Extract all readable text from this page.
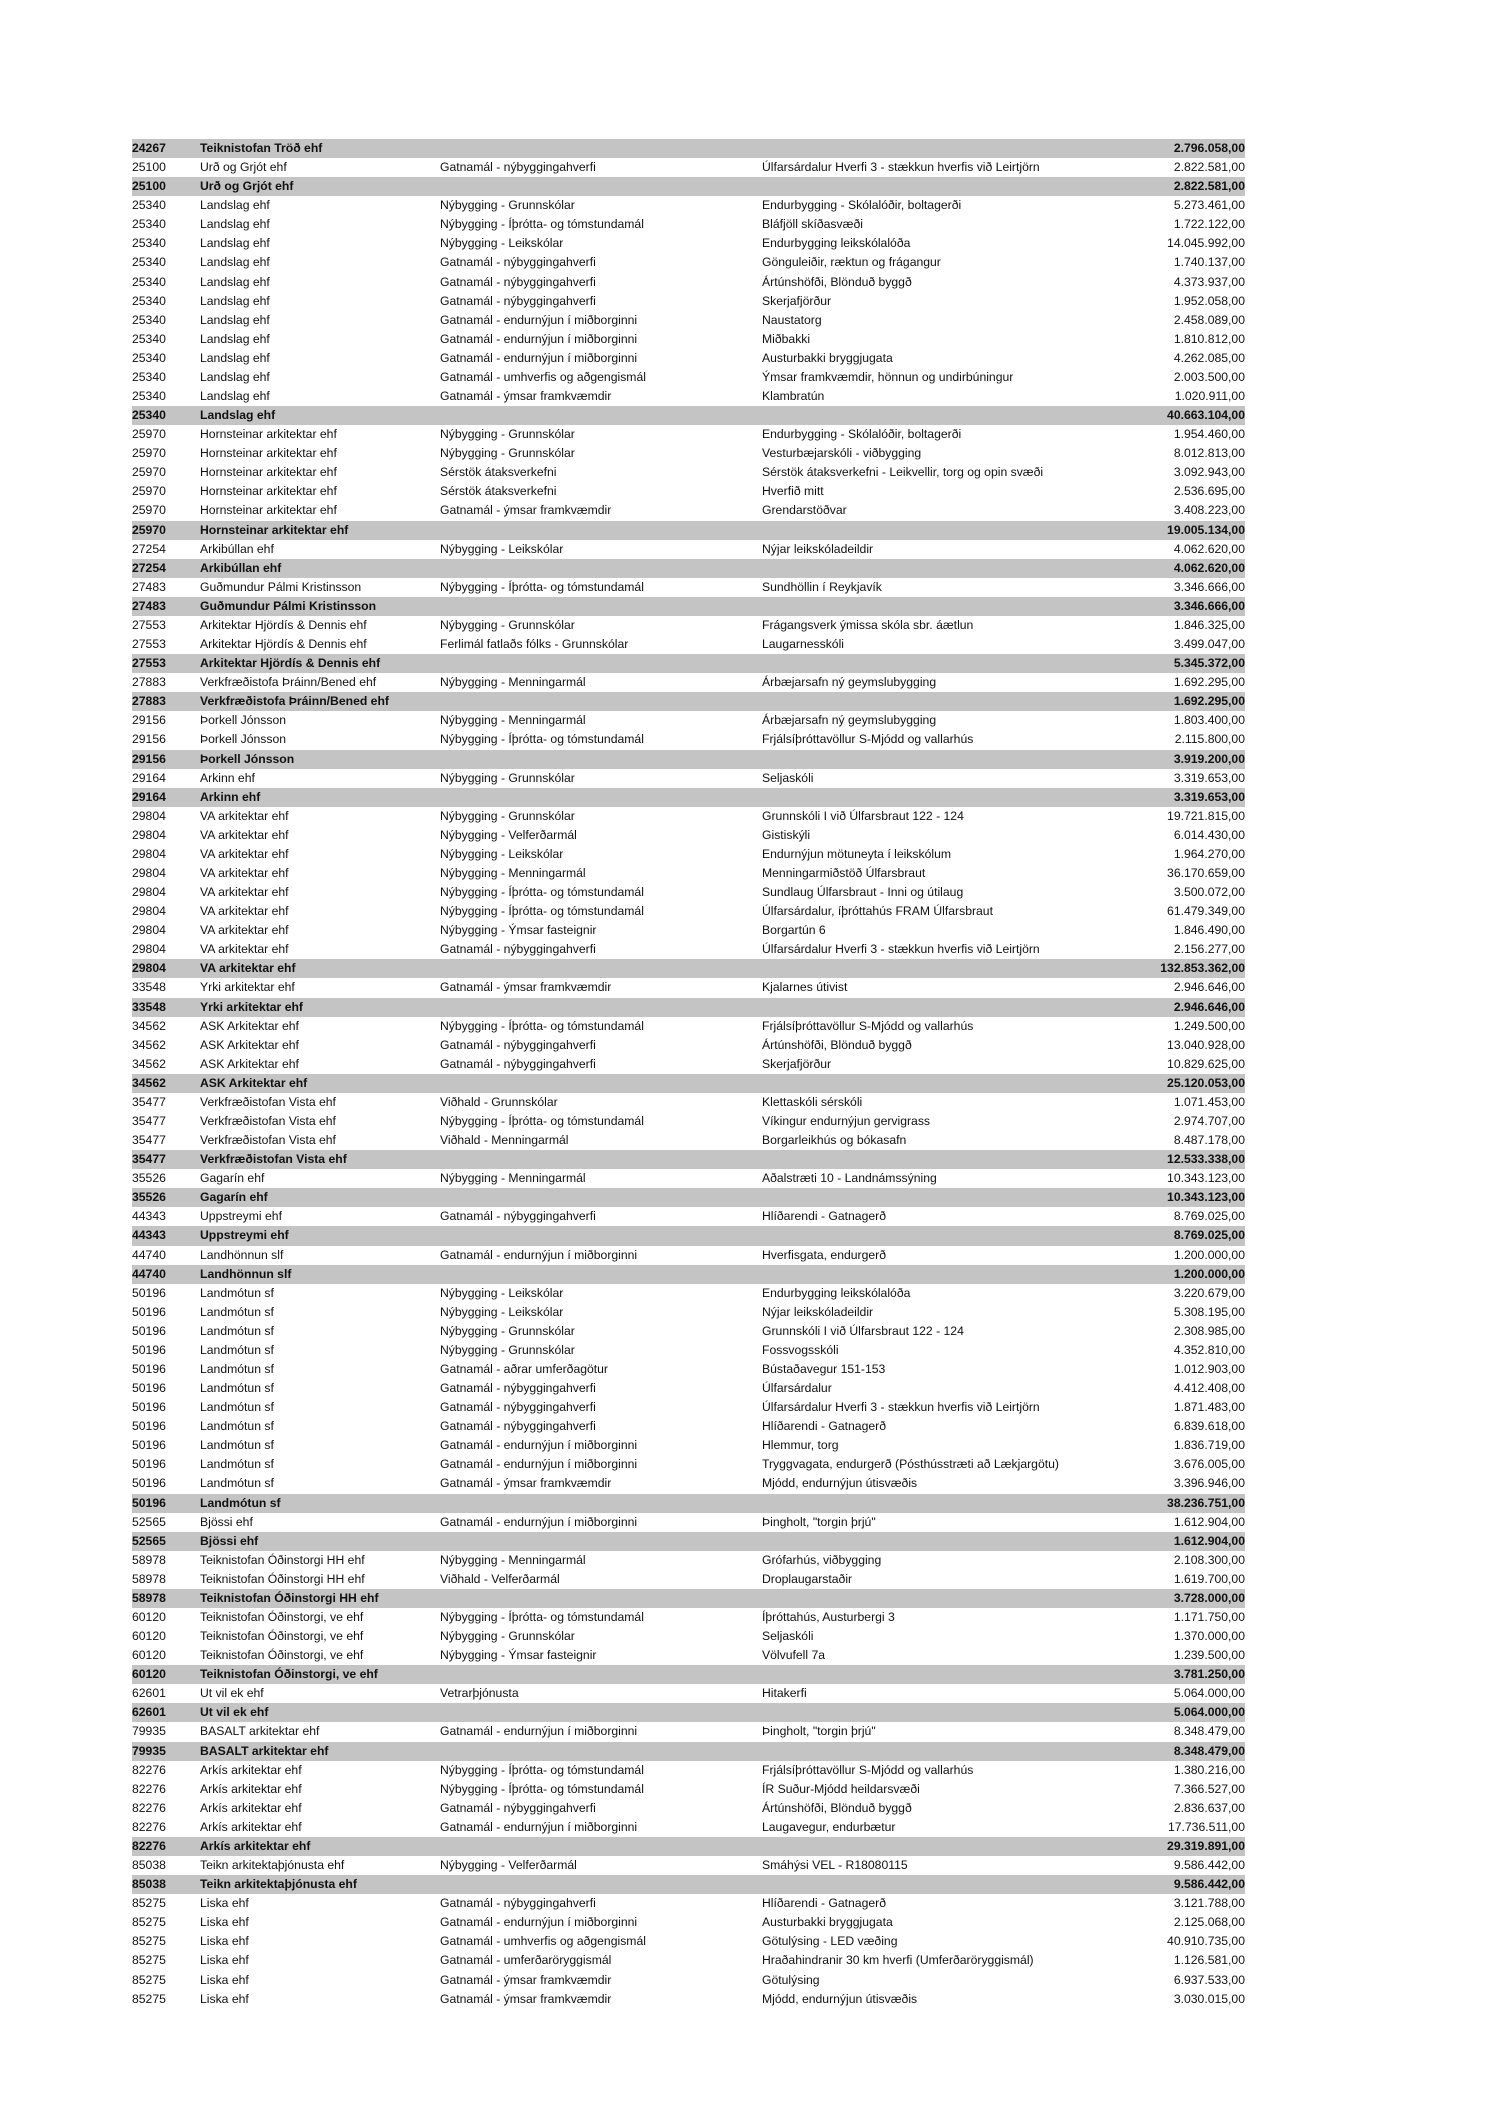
24267	Teiknistofan Tröð ehf	2.796.058,00
25100	Urð og Grjót ehf	Gatnamál - nýbyggingahverfi	Úlfarsárdalur Hverfi 3 - stækkun hverfis við Leirtjörn	2.822.581,00
25100	Urð og Grjót ehf	2.822.581,00
25340	Landslag ehf	Nýbygging - Grunnskólar	Endurbygging - Skólalóðir, boltagerði	5.273.461,00
25340	Landslag ehf	Nýbygging - Íþrótta- og tómstundamál	Bláfjöll skíðasvæði	1.722.122,00
25340	Landslag ehf	Nýbygging - Leikskólar	Endurbygging leikskólalóða	14.045.992,00
25340	Landslag ehf	Gatnamál - nýbyggingahverfi	Gönguleiðir, ræktun og frágangur	1.740.137,00
25340	Landslag ehf	Gatnamál - nýbyggingahverfi	Ártúnshöfði, Blönduð byggð	4.373.937,00
25340	Landslag ehf	Gatnamál - nýbyggingahverfi	Skerjafjörður	1.952.058,00
25340	Landslag ehf	Gatnamál - endurnýjun í miðborginni	Naustatorg	2.458.089,00
25340	Landslag ehf	Gatnamál - endurnýjun í miðborginni	Miðbakki	1.810.812,00
25340	Landslag ehf	Gatnamál - endurnýjun í miðborginni	Austurbakki bryggjugata	4.262.085,00
25340	Landslag ehf	Gatnamál - umhverfis og aðgengismál	Ýmsar framkvæmdir, hönnun og undirbúningur	2.003.500,00
25340	Landslag ehf	Gatnamál - ýmsar framkvæmdir	Klambratún	1.020.911,00
25340	Landslag ehf	40.663.104,00
25970	Hornsteinar arkitektar ehf	Nýbygging - Grunnskólar	Endurbygging - Skólalóðir, boltagerði	1.954.460,00
25970	Hornsteinar arkitektar ehf	Nýbygging - Grunnskólar	Vesturbæjarskóli - viðbygging	8.012.813,00
25970	Hornsteinar arkitektar ehf	Sérstök átaksverkefni	Sérstök átaksverkefni - Leikvellir, torg og opin svæði	3.092.943,00
25970	Hornsteinar arkitektar ehf	Sérstök átaksverkefni	Hverfið mitt	2.536.695,00
25970	Hornsteinar arkitektar ehf	Gatnamál - ýmsar framkvæmdir	Grendarstöðvar	3.408.223,00
25970	Hornsteinar arkitektar ehf	19.005.134,00
27254	Arkibúllan ehf	Nýbygging - Leikskólar	Nýjar leikskóladeildir	4.062.620,00
27254	Arkibúllan ehf	4.062.620,00
27483	Guðmundur Pálmi Kristinsson	Nýbygging - Íþrótta- og tómstundamál	Sundhöllin í Reykjavík	3.346.666,00
27483	Guðmundur Pálmi Kristinsson	3.346.666,00
27553	Arkitektar Hjördís & Dennis ehf	Nýbygging - Grunnskólar	Frágangsverk ýmissa skóla sbr. áætlun	1.846.325,00
27553	Arkitektar Hjördís & Dennis ehf	Ferlimál fatlaðs fólks - Grunnskólar	Laugarnesskóli	3.499.047,00
27553	Arkitektar Hjördís & Dennis ehf	5.345.372,00
27883	Verkfræðistofa Þráinn/Bened ehf	Nýbygging - Menningarmál	Árbæjarsafn ný geymslubygging	1.692.295,00
27883	Verkfræðistofa Þráinn/Bened ehf	1.692.295,00
29156	Þorkell Jónsson	Nýbygging - Menningarmál	Árbæjarsafn ný geymslubygging	1.803.400,00
29156	Þorkell Jónsson	Nýbygging - Íþrótta- og tómstundamál	Frjálsíþróttavöllur S-Mjódd og vallarhús	2.115.800,00
29156	Þorkell Jónsson	3.919.200,00
29164	Arkinn ehf	Nýbygging - Grunnskólar	Seljaskóli	3.319.653,00
29164	Arkinn ehf	3.319.653,00
29804	VA arkitektar ehf	Nýbygging - Grunnskólar	Grunnskóli I við Úlfarsbraut 122 - 124	19.721.815,00
29804	VA arkitektar ehf	Nýbygging - Velferðarmál	Gistiskýli	6.014.430,00
29804	VA arkitektar ehf	Nýbygging - Leikskólar	Endurnýjun mötuneyta í leikskólum	1.964.270,00
29804	VA arkitektar ehf	Nýbygging - Menningarmál	Menningarmiðstöð Úlfarsbraut	36.170.659,00
29804	VA arkitektar ehf	Nýbygging - Íþrótta- og tómstundamál	Sundlaug Úlfarsbraut - Inni og útilaug	3.500.072,00
29804	VA arkitektar ehf	Nýbygging - Íþrótta- og tómstundamál	Úlfarsárdalur, íþróttahús FRAM Úlfarsbraut	61.479.349,00
29804	VA arkitektar ehf	Nýbygging - Ýmsar fasteignir	Borgartún 6	1.846.490,00
29804	VA arkitektar ehf	Gatnamál - nýbyggingahverfi	Úlfarsárdalur Hverfi 3 - stækkun hverfis við Leirtjörn	2.156.277,00
29804	VA arkitektar ehf	132.853.362,00
33548	Yrki arkitektar ehf	Gatnamál - ýmsar framkvæmdir	Kjalarnes útivist	2.946.646,00
33548	Yrki arkitektar ehf	2.946.646,00
34562	ASK Arkitektar ehf	Nýbygging - Íþrótta- og tómstundamál	Frjálsíþróttavöllur S-Mjódd og vallarhús	1.249.500,00
34562	ASK Arkitektar ehf	Gatnamál - nýbyggingahverfi	Ártúnshöfði, Blönduð byggð	13.040.928,00
34562	ASK Arkitektar ehf	Gatnamál - nýbyggingahverfi	Skerjafjörður	10.829.625,00
34562	ASK Arkitektar ehf	25.120.053,00
35477	Verkfræðistofan Vista ehf	Viðhald - Grunnskólar	Klettaskóli sérskóli	1.071.453,00
35477	Verkfræðistofan Vista ehf	Nýbygging - Íþrótta- og tómstundamál	Víkingur endurnýjun gervigrass	2.974.707,00
35477	Verkfræðistofan Vista ehf	Viðhald - Menningarmál	Borgarleikhús og bókasafn	8.487.178,00
35477	Verkfræðistofan Vista ehf	12.533.338,00
35526	Gagarín ehf	Nýbygging - Menningarmál	Aðalstræti 10 - Landnámssýning	10.343.123,00
35526	Gagarín ehf	10.343.123,00
44343	Uppstreymi ehf	Gatnamál - nýbyggingahverfi	Hlíðarendi - Gatnagerð	8.769.025,00
44343	Uppstreymi ehf	8.769.025,00
44740	Landhönnun slf	Gatnamál - endurnýjun í miðborginni	Hverfisgata, endurgerð	1.200.000,00
44740	Landhönnun slf	1.200.000,00
50196	Landmótun sf	Nýbygging - Leikskólar	Endurbygging leikskólalóða	3.220.679,00
50196	Landmótun sf	Nýbygging - Leikskólar	Nýjar leikskóladeildir	5.308.195,00
50196	Landmótun sf	Nýbygging - Grunnskólar	Grunnskóli I við Úlfarsbraut 122 - 124	2.308.985,00
50196	Landmótun sf	Nýbygging - Grunnskólar	Fossvogsskóli	4.352.810,00
50196	Landmótun sf	Gatnamál - aðrar umferðagötur	Bústaðavegur 151-153	1.012.903,00
50196	Landmótun sf	Gatnamál - nýbyggingahverfi	Úlfarsárdalur	4.412.408,00
50196	Landmótun sf	Gatnamál - nýbyggingahverfi	Úlfarsárdalur Hverfi 3 - stækkun hverfis við Leirtjörn	1.871.483,00
50196	Landmótun sf	Gatnamál - nýbyggingahverfi	Hlíðarendi - Gatnagerð	6.839.618,00
50196	Landmótun sf	Gatnamál - endurnýjun í miðborginni	Hlemmur, torg	1.836.719,00
50196	Landmótun sf	Gatnamál - endurnýjun í miðborginni	Tryggvagata, endurgerð (Pósthússtræti að Lækjargötu)	3.676.005,00
50196	Landmótun sf	Gatnamál - ýmsar framkvæmdir	Mjódd, endurnýjun útisvæðis	3.396.946,00
50196	Landmótun sf	38.236.751,00
52565	Bjössi ehf	Gatnamál - endurnýjun í miðborginni	Þingholt, "torgin þrjú"	1.612.904,00
52565	Bjössi ehf	1.612.904,00
58978	Teiknistofan Óðinstorgi HH ehf	Nýbygging - Menningarmál	Grófarhús, viðbygging	2.108.300,00
58978	Teiknistofan Óðinstorgi HH ehf	Viðhald - Velferðarmál	Droplaugarstaðir	1.619.700,00
58978	Teiknistofan Óðinstorgi HH ehf	3.728.000,00
60120	Teiknistofan Óðinstorgi, ve ehf	Nýbygging - Íþrótta- og tómstundamál	Íþróttahús, Austurbergi 3	1.171.750,00
60120	Teiknistofan Óðinstorgi, ve ehf	Nýbygging - Grunnskólar	Seljaskóli	1.370.000,00
60120	Teiknistofan Óðinstorgi, ve ehf	Nýbygging - Ýmsar fasteignir	Völvufell 7a	1.239.500,00
60120	Teiknistofan Óðinstorgi, ve ehf	3.781.250,00
62601	Ut vil ek ehf	Vetrarþjónusta	Hitakerfi	5.064.000,00
62601	Ut vil ek ehf	5.064.000,00
79935	BASALT arkitektar ehf	Gatnamál - endurnýjun í miðborginni	Þingholt, "torgin þrjú"	8.348.479,00
79935	BASALT arkitektar ehf	8.348.479,00
82276	Arkís arkitektar ehf	Nýbygging - Íþrótta- og tómstundamál	Frjálsíþróttavöllur S-Mjódd og vallarhús	1.380.216,00
82276	Arkís arkitektar ehf	Nýbygging - Íþrótta- og tómstundamál	ÍR Suður-Mjódd heildarsvæði	7.366.527,00
82276	Arkís arkitektar ehf	Gatnamál - nýbyggingahverfi	Ártúnshöfði, Blönduð byggð	2.836.637,00
82276	Arkís arkitektar ehf	Gatnamál - endurnýjun í miðborginni	Laugavegur, endurbætur	17.736.511,00
82276	Arkís arkitektar ehf	29.319.891,00
85038	Teikn arkitektaþjónusta ehf	Nýbygging - Velferðarmál	Smáhýsi VEL - R18080115	9.586.442,00
85038	Teikn arkitektaþjónusta ehf	9.586.442,00
85275	Liska ehf	Gatnamál - nýbyggingahverfi	Hlíðarendi - Gatnagerð	3.121.788,00
85275	Liska ehf	Gatnamál - endurnýjun í miðborginni	Austurbakki bryggjugata	2.125.068,00
85275	Liska ehf	Gatnamál - umhverfis og aðgengismál	Götulýsing - LED væðing	40.910.735,00
85275	Liska ehf	Gatnamál - umferðaröryggismál	Hraðahindranir 30 km hverfi (Umferðaröryggismál)	1.126.581,00
85275	Liska ehf	Gatnamál - ýmsar framkvæmdir	Götulýsing	6.937.533,00
85275	Liska ehf	Gatnamál - ýmsar framkvæmdir	Mjódd, endurnýjun útisvæðis	3.030.015,00
